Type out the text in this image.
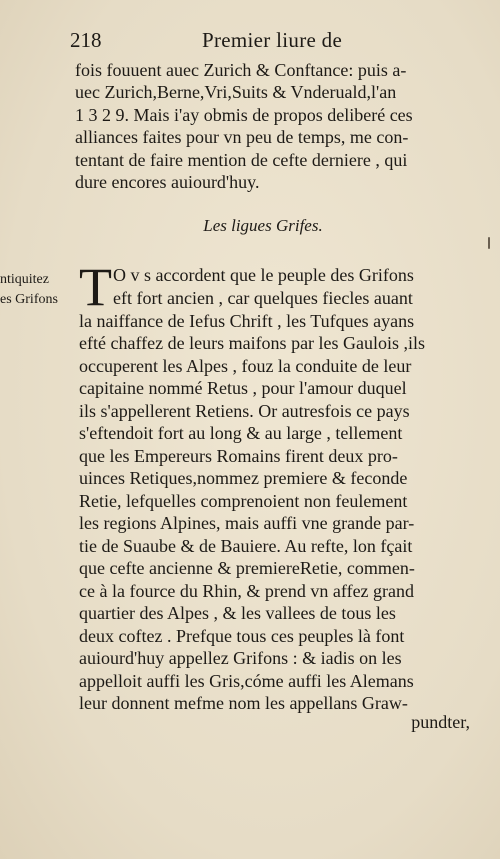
218	Premier liure de
fois fouuent auec Zurich & Conftance: puis a-
uec Zurich,Berne,Vri,Suits & Vnderuald,l'an
1 3 2 9. Mais i'ay obmis de propos deliberé ces
alliances faites pour vn peu de temps, me con-
tentant de faire mention de cefte derniere , qui
dure encores auiourd'huy.
Les ligues Grifes.
ntiquitez
es Grifons T O v s accordent que le peuple des Grifons
eft fort ancien , car quelques fiecles auant
la naiffance de Iefus Chrift , les Tufques ayans
efté chaffez de leurs maifons par les Gaulois ,ils
occuperent les Alpes , fouz la conduite de leur
capitaine nommé Retus , pour l'amour duquel
ils s'appellerent Retiens. Or autresfois ce pays
s'eftendoit fort au long & au large , tellement
que les Empereurs Romains firent deux pro-
uinces Retiques,nommez premiere & feconde
Retie, lefquelles comprenoient non feulement
les regions Alpines, mais auffi vne grande par-
tie de Suaube & de Bauiere. Au refte, lon fçait
que cefte ancienne & premiereRetie, commen-
ce à la fource du Rhin, & prend vn affez grand
quartier des Alpes , & les vallees de tous les
deux coftez . Prefque tous ces peuples là font
auiourd'huy appellez Grifons : & iadis on les
appelloit auffi les Gris,cóme auffi les Alemans
leur donnent mefme nom les appellans Graw-
pundter,
